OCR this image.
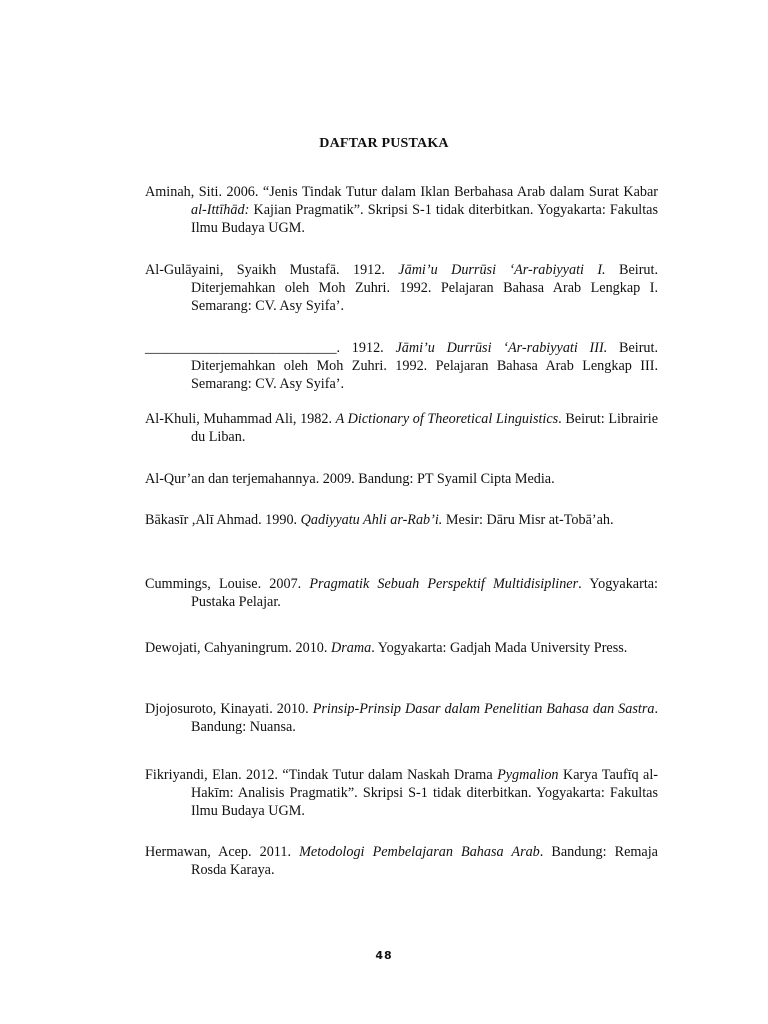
DAFTAR PUSTAKA
Aminah, Siti. 2006. “Jenis Tindak Tutur dalam Iklan Berbahasa Arab dalam Surat Kabar al-Ittīhād: Kajian Pragmatik”. Skripsi S-1 tidak diterbitkan. Yogyakarta: Fakultas Ilmu Budaya UGM.
Al-Gulāyaini, Syaikh Mustafā. 1912. Jāmi’u Durrūsi ‘Ar-rabiyyati I. Beirut. Diterjemahkan oleh Moh Zuhri. 1992. Pelajaran Bahasa Arab Lengkap I. Semarang: CV. Asy Syifa’.
___________________________. 1912. Jāmi’u Durrūsi ‘Ar-rabiyyati III. Beirut. Diterjemahkan oleh Moh Zuhri. 1992. Pelajaran Bahasa Arab Lengkap III. Semarang: CV. Asy Syifa’.
Al-Khuli, Muhammad Ali, 1982. A Dictionary of Theoretical Linguistics. Beirut: Librairie du Liban.
Al-Qur’an dan terjemahannya. 2009. Bandung: PT Syamil Cipta Media.
Bākasīr ,Alī Ahmad. 1990. Qadiyyatu Ahli ar-Rab’i. Mesir: Dāru Misr at-Tobā’ah.
Cummings, Louise. 2007. Pragmatik Sebuah Perspektif Multidisipliner. Yogyakarta: Pustaka Pelajar.
Dewojati, Cahyaningrum. 2010. Drama. Yogyakarta: Gadjah Mada University Press.
Djojosuroto, Kinayati. 2010. Prinsip-Prinsip Dasar dalam Penelitian Bahasa dan Sastra. Bandung: Nuansa.
Fikriyandi, Elan. 2012. “Tindak Tutur dalam Naskah Drama Pygmalion Karya Taufīq al-Hakīm: Analisis Pragmatik”. Skripsi S-1 tidak diterbitkan. Yogyakarta: Fakultas Ilmu Budaya UGM.
Hermawan, Acep. 2011. Metodologi Pembelajaran Bahasa Arab. Bandung: Remaja Rosda Karaya.
48
